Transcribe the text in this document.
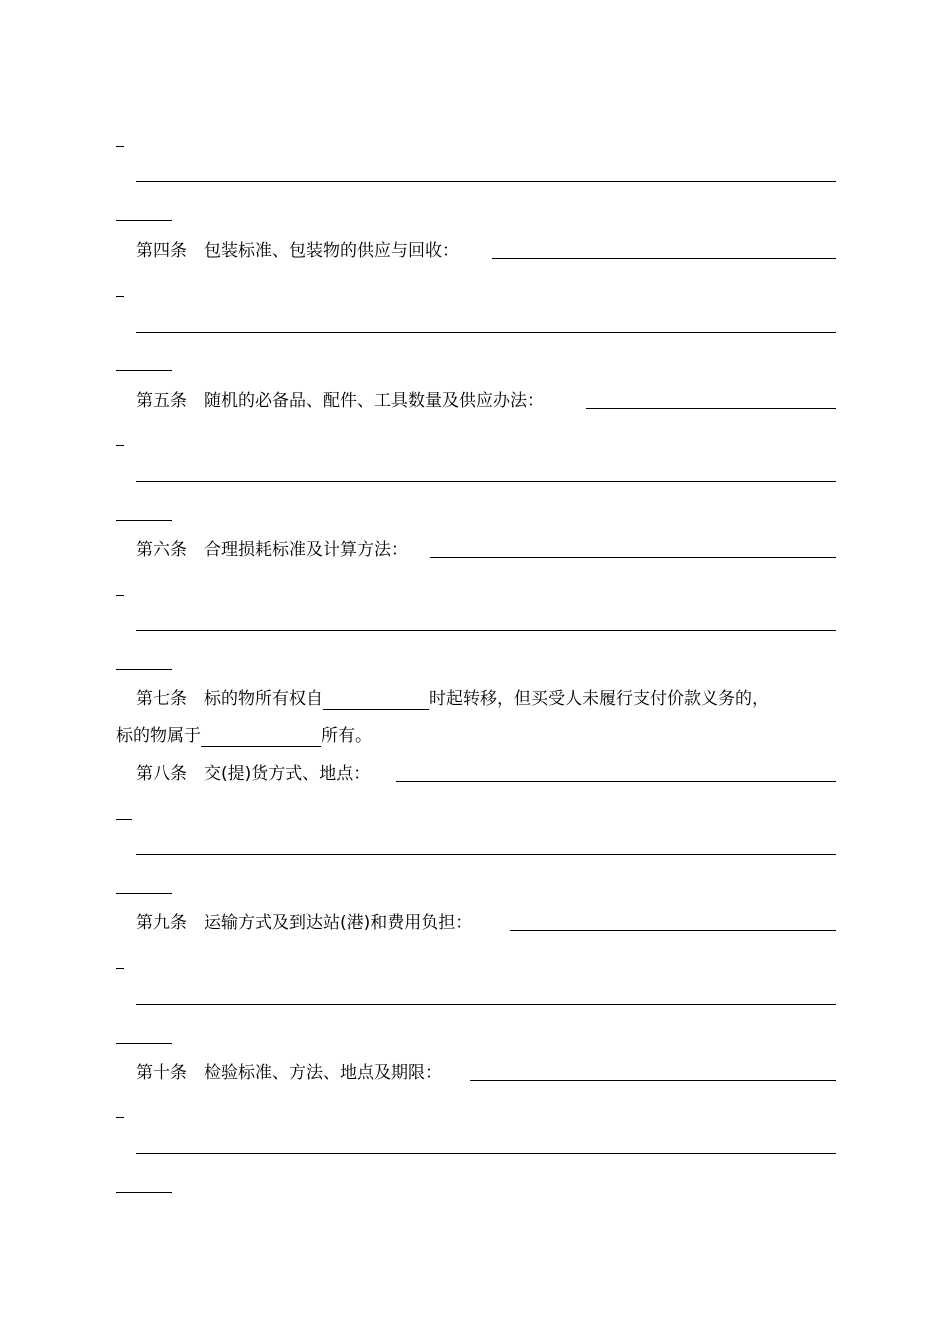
第四条 包装标准、包装物的供应与回收：
第五条 随机的必备品、配件、工具数量及供应办法：
第六条 合理损耗标准及计算方法：
第七条 标的物所有权自	时起转移，但买受人未履行支付价款义务的，
标的物属于	所有。
第八条 交(提)货方式、地点：
第九条 运输方式及到达站(港)和费用负担：
第十条 检验标准、方法、地点及期限：
